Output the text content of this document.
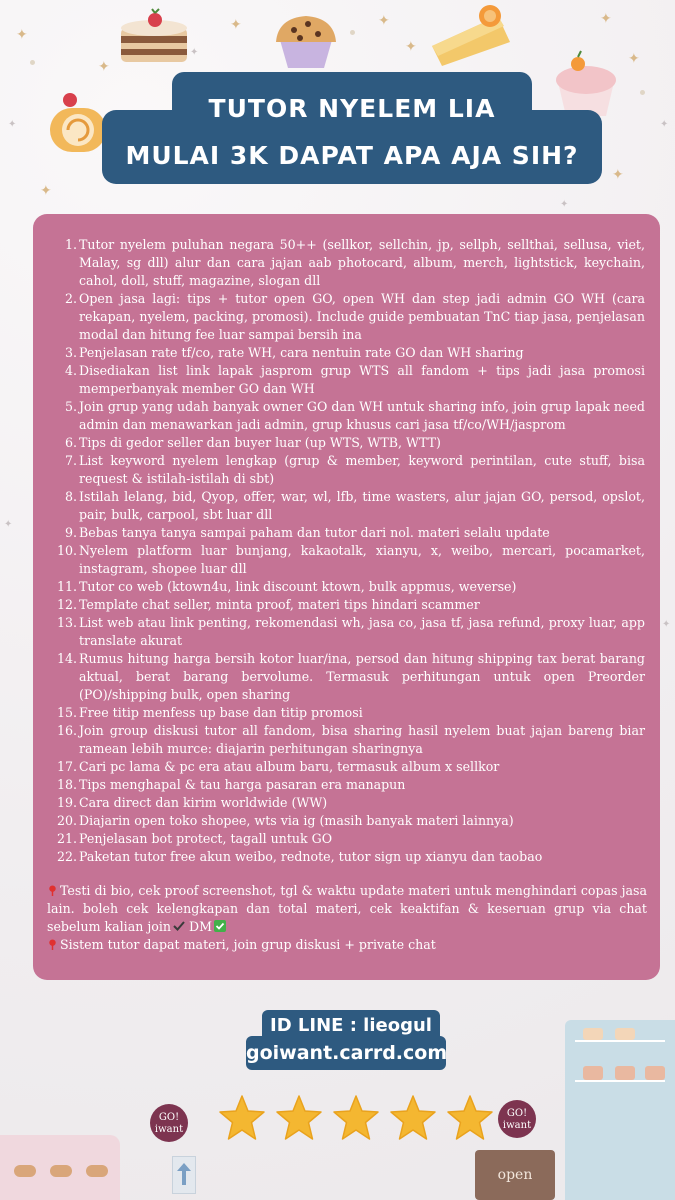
✦
✦
✦	✦
✦
✦
✦
✦
✦
✦	✦
✦
✦
✦
✦
TUTOR NYELEM LIA
MULAI 3K DAPAT APA AJA SIH?
1. Tutor nyelem puluhan negara 50++ (sellkor, sellchin, jp, sellph, sellthai, sellusa, viet, Malay, sg dll) alur dan cara jajan aab photocard, album, merch, lightstick, keychain, cahol, doll, stuff, magazine, slogan dll
2. Open jasa lagi: tips + tutor open GO, open WH dan step jadi admin GO WH (cara rekapan, nyelem, packing, promosi). Include guide pembuatan TnC tiap jasa, penjelasan modal dan hitung fee luar sampai bersih ina
3. Penjelasan rate tf/co, rate WH, cara nentuin rate GO dan WH sharing
4. Disediakan list link lapak jasprom grup WTS all fandom + tips jadi jasa promosi memperbanyak member GO dan WH
5. Join grup yang udah banyak owner GO dan WH untuk sharing info, join grup lapak need admin dan menawarkan jadi admin, grup khusus cari jasa tf/co/WH/jasprom
6. Tips di gedor seller dan buyer luar (up WTS, WTB, WTT)
7. List keyword nyelem lengkap (grup & member, keyword perintilan, cute stuff, bisa request & istilah-istilah di sbt)
8. Istilah lelang, bid, Qyop, offer, war, wl, lfb, time wasters, alur jajan GO, persod, opslot, pair, bulk, carpool, sbt luar dll
9. Bebas tanya tanya sampai paham dan tutor dari nol. materi selalu update
10. Nyelem platform luar bunjang, kakaotalk, xianyu, x, weibo, mercari, pocamarket, instagram, shopee luar dll
11. Tutor co web (ktown4u, link discount ktown, bulk appmus, weverse)
12. Template chat seller, minta proof, materi tips hindari scammer
13. List web atau link penting, rekomendasi wh, jasa co, jasa tf, jasa refund, proxy luar, app translate akurat
14. Rumus hitung harga bersih kotor luar/ina, persod dan hitung shipping tax berat barang aktual, berat barang bervolume. Termasuk perhitungan untuk open Preorder (PO)/shipping bulk, open sharing
15. Free titip menfess up base dan titip promosi
16. Join group diskusi tutor all fandom, bisa sharing hasil nyelem buat jajan bareng biar ramean lebih murce: diajarin perhitungan sharingnya
17. Cari pc lama & pc era atau album baru, termasuk album x sellkor
18. Tips menghapal & tau harga pasaran era manapun
19. Cara direct dan kirim worldwide (WW)
20. Diajarin open toko shopee, wts via ig (masih banyak materi lainnya)
21. Penjelasan bot protect, tagall untuk GO
22. Paketan tutor free akun weibo, rednote, tutor sign up xianyu dan taobao
Testi di bio, cek proof screenshot, tgl & waktu update materi untuk menghindari copas jasa lain. boleh cek kelengkapan dan total materi, cek keaktifan & keseruan grup via chat sebelum kalian join DM
Sistem tutor dapat materi, join grup diskusi + private chat
open
goiwant.carrd.com
ID LINE : lieogul
GO!
iwant
GO!
iwant
